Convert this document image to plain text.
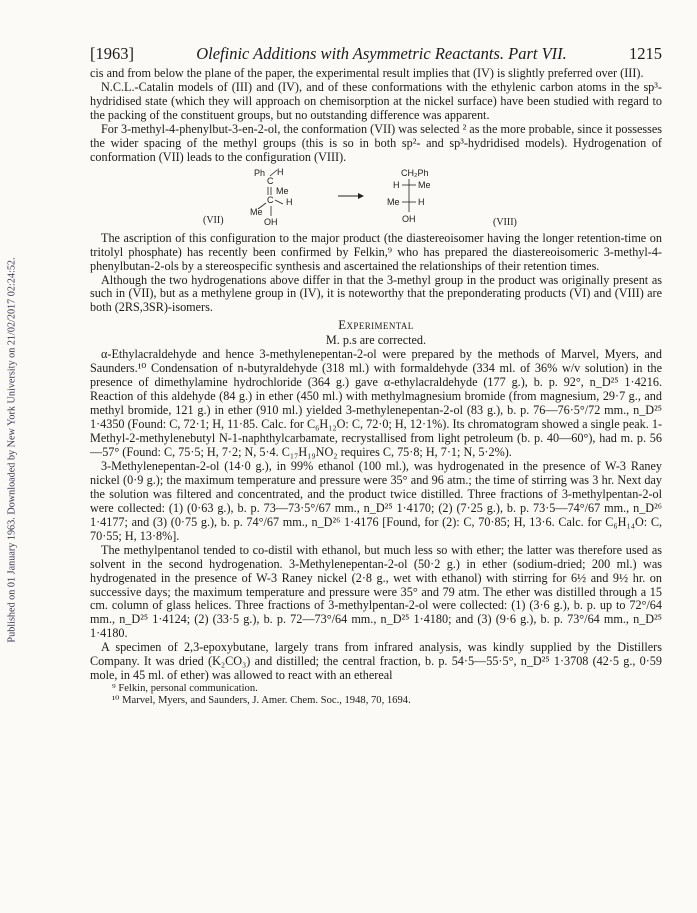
Published on 01 January 1963. Downloaded by New York University on 21/02/2017 02:24:52.
[1963]	Olefinic Additions with Asymmetric Reactants. Part VII.	1215

cis and from below the plane of the paper, the experimental result implies that (IV) is slightly preferred over (III).

N.C.L.-Catalin models of (III) and (IV), and of these conformations with the ethylenic carbon atoms in the sp³-hydridised state (which they will approach on chemisorption at the nickel surface) have been studied with regard to the packing of the constituent groups, but no outstanding difference was apparent.

For 3-methyl-4-phenylbut-3-en-2-ol, the conformation (VII) was selected ² as the more probable, since it possesses the wider spacing of the methyl groups (this is so in both sp²- and sp³-hydridised models). Hydrogenation of conformation (VII) leads to the configuration (VIII).

Ph H
C
Me
C H
Me
OH
(VII)
CH₂Ph
H Me
Me H
OH	(VIII)

The ascription of this configuration to the major product (the diastereoisomer having the longer retention-time on tritolyl phosphate) has recently been confirmed by Felkin,⁹ who has prepared the diastereoisomeric 3-methyl-4-phenylbutan-2-ols by a stereospecific synthesis and ascertained the relationships of their retention times.

Although the two hydrogenations above differ in that the 3-methyl group in the product was originally present as such in (VII), but as a methylene group in (IV), it is noteworthy that the preponderating products (VI) and (VIII) are both (2RS,3SR)-isomers.

Experimental

M. p.s are corrected.

α-Ethylacraldehyde and hence 3-methylenepentan-2-ol were prepared by the methods of Marvel, Myers, and Saunders.¹⁰ Condensation of n-butyraldehyde (318 ml.) with formaldehyde (334 ml. of 36% w/v solution) in the presence of dimethylamine hydrochloride (364 g.) gave α-ethylacraldehyde (177 g.), b. p. 92°, n_D²⁵ 1·4216. Reaction of this aldehyde (84 g.) in ether (450 ml.) with methylmagnesium bromide (from magnesium, 29·7 g., and methyl bromide, 121 g.) in ether (910 ml.) yielded 3-methylenepentan-2-ol (83 g.), b. p. 76—76·5°/72 mm., n_D²⁵ 1·4350 (Found: C, 72·1; H, 11·85. Calc. for C₆H₁₂O: C, 72·0; H, 12·1%). Its chromatogram showed a single peak. 1-Methyl-2-methylenebutyl N-1-naphthylcarbamate, recrystallised from light petroleum (b. p. 40—60°), had m. p. 56—57° (Found: C, 75·5; H, 7·2; N, 5·4. C₁₇H₁₉NO₂ requires C, 75·8; H, 7·1; N, 5·2%).

3-Methylenepentan-2-ol (14·0 g.), in 99% ethanol (100 ml.), was hydrogenated in the presence of W-3 Raney nickel (0·9 g.); the maximum temperature and pressure were 35° and 96 atm.; the time of stirring was 3 hr. Next day the solution was filtered and concentrated, and the product twice distilled. Three fractions of 3-methylpentan-2-ol were collected: (1) (0·63 g.), b. p. 73—73·5°/67 mm., n_D²⁵ 1·4170; (2) (7·25 g.), b. p. 73·5—74°/67 mm., n_D²⁶ 1·4177; and (3) (0·75 g.), b. p. 74°/67 mm., n_D²⁶ 1·4176 [Found, for (2): C, 70·85; H, 13·6. Calc. for C₆H₁₄O: C, 70·55; H, 13·8%].

The methylpentanol tended to co-distil with ethanol, but much less so with ether; the latter was therefore used as solvent in the second hydrogenation. 3-Methylenepentan-2-ol (50·2 g.) in ether (sodium-dried; 200 ml.) was hydrogenated in the presence of W-3 Raney nickel (2·8 g., wet with ethanol) with stirring for 6½ and 9½ hr. on successive days; the maximum temperature and pressure were 35° and 79 atm. The ether was distilled through a 15 cm. column of glass helices. Three fractions of 3-methylpentan-2-ol were collected: (1) (3·6 g.), b. p. up to 72°/64 mm., n_D²⁵ 1·4124; (2) (33·5 g.), b. p. 72—73°/64 mm., n_D²⁵ 1·4180; and (3) (9·6 g.), b. p. 73°/64 mm., n_D²⁵ 1·4180.

A specimen of 2,3-epoxybutane, largely trans from infrared analysis, was kindly supplied by the Distillers Company. It was dried (K₂CO₃) and distilled; the central fraction, b. p. 54·5—55·5°, n_D²⁵ 1·3708 (42·5 g., 0·59 mole, in 45 ml. of ether) was allowed to react with an ethereal

⁹ Felkin, personal communication.

¹⁰ Marvel, Myers, and Saunders, J. Amer. Chem. Soc., 1948, 70, 1694.
